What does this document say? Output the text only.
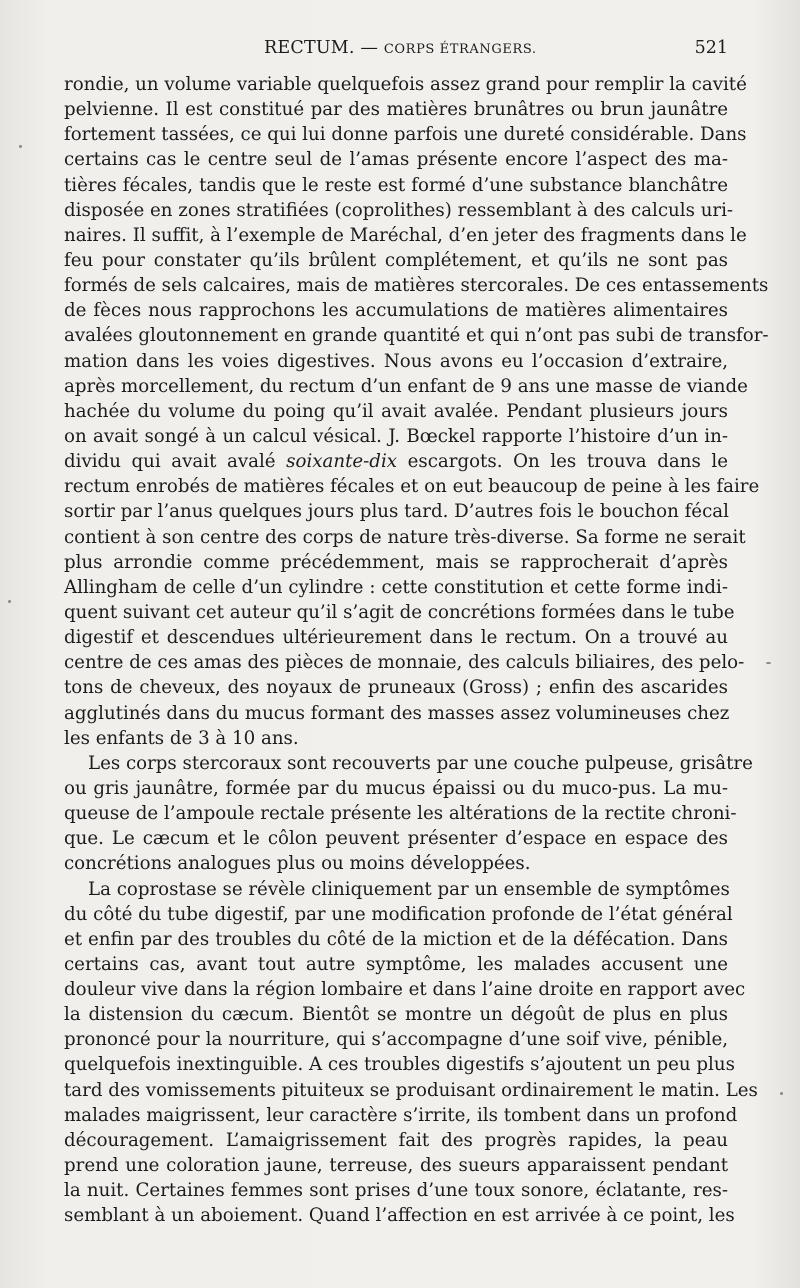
RECTUM. — CORPS ÉTRANGERS.	521
rondie, un volume variable quelquefois assez grand pour remplir la cavité
pelvienne. Il est constitué par des matières brunâtres ou brun jaunâtre
fortement tassées, ce qui lui donne parfois une dureté considérable. Dans
certains cas le centre seul de l’amas présente encore l’aspect des ma-
tières fécales, tandis que le reste est formé d’une substance blanchâtre
disposée en zones stratifiées (coprolithes) ressemblant à des calculs uri-
naires. Il suffit, à l’exemple de Maréchal, d’en jeter des fragments dans le
feu pour constater qu’ils brûlent complétement, et qu’ils ne sont pas
formés de sels calcaires, mais de matières stercorales. De ces entassements
de fèces nous rapprochons les accumulations de matières alimentaires
avalées gloutonnement en grande quantité et qui n’ont pas subi de transfor-
mation dans les voies digestives. Nous avons eu l’occasion d’extraire,
après morcellement, du rectum d’un enfant de 9 ans une masse de viande
hachée du volume du poing qu’il avait avalée. Pendant plusieurs jours
on avait songé à un calcul vésical. J. Bœckel rapporte l’histoire d’un in-
dividu qui avait avalé soixante-dix escargots. On les trouva dans le
rectum enrobés de matières fécales et on eut beaucoup de peine à les faire
sortir par l’anus quelques jours plus tard. D’autres fois le bouchon fécal
contient à son centre des corps de nature très-diverse. Sa forme ne serait
plus arrondie comme précédemment, mais se rapprocherait d’après
Allingham de celle d’un cylindre : cette constitution et cette forme indi-
quent suivant cet auteur qu’il s’agit de concrétions formées dans le tube
digestif et descendues ultérieurement dans le rectum. On a trouvé au
centre de ces amas des pièces de monnaie, des calculs biliaires, des pelo-
tons de cheveux, des noyaux de pruneaux (Gross) ; enfin des ascarides
agglutinés dans du mucus formant des masses assez volumineuses chez
les enfants de 3 à 10 ans.
Les corps stercoraux sont recouverts par une couche pulpeuse, grisâtre
ou gris jaunâtre, formée par du mucus épaissi ou du muco-pus. La mu-
queuse de l’ampoule rectale présente les altérations de la rectite chroni-
que. Le cæcum et le côlon peuvent présenter d’espace en espace des
concrétions analogues plus ou moins développées.
La coprostase se révèle cliniquement par un ensemble de symptômes
du côté du tube digestif, par une modification profonde de l’état général
et enfin par des troubles du côté de la miction et de la défécation. Dans
certains cas, avant tout autre symptôme, les malades accusent une
douleur vive dans la région lombaire et dans l’aine droite en rapport avec
la distension du cæcum. Bientôt se montre un dégoût de plus en plus
prononcé pour la nourriture, qui s’accompagne d’une soif vive, pénible,
quelquefois inextinguible. A ces troubles digestifs s’ajoutent un peu plus
tard des vomissements pituiteux se produisant ordinairement le matin. Les
malades maigrissent, leur caractère s’irrite, ils tombent dans un profond
découragement. L’amaigrissement fait des progrès rapides, la peau
prend une coloration jaune, terreuse, des sueurs apparaissent pendant
la nuit. Certaines femmes sont prises d’une toux sonore, éclatante, res-
semblant à un aboiement. Quand l’affection en est arrivée à ce point, les
